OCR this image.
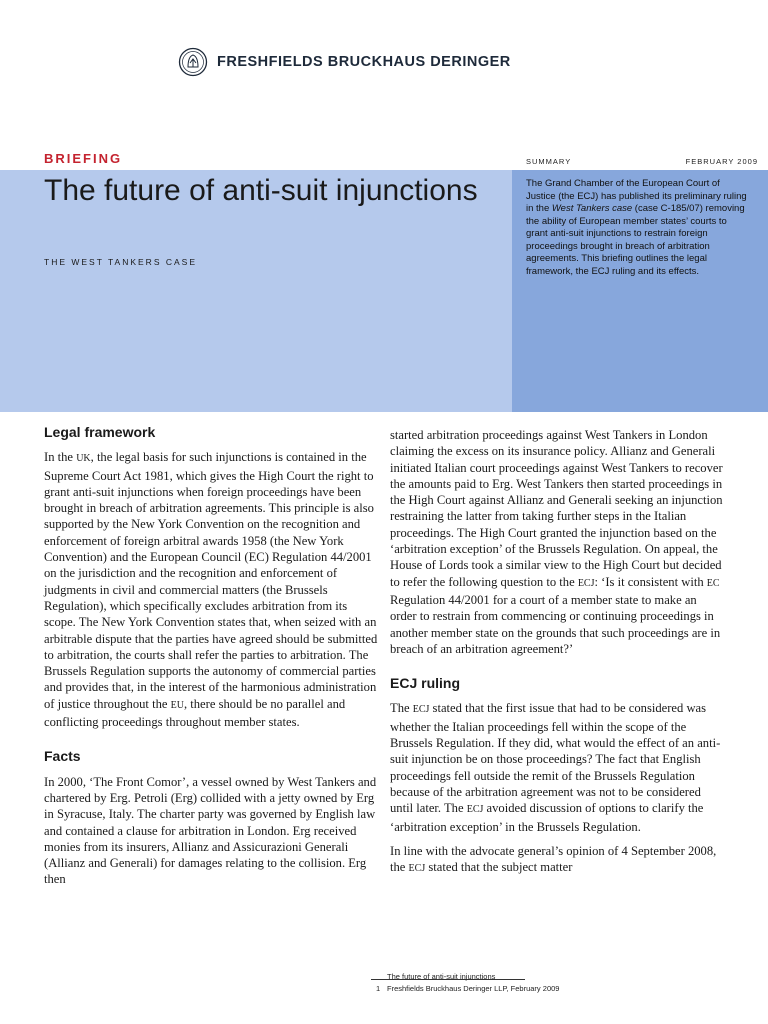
FRESHFIELDS BRUCKHAUS DERINGER
BRIEFING	SUMMARY	FEBRUARY 2009
The future of anti-suit injunctions
THE WEST TANKERS CASE

The Grand Chamber of the European Court of Justice (the ECJ) has published its preliminary ruling in the West Tankers case (case C-185/07) removing the ability of European member states’ courts to grant anti-suit injunctions to restrain foreign proceedings brought in breach of arbitration agreements. This briefing outlines the legal framework, the ECJ ruling and its effects.

Legal framework

In the UK, the legal basis for such injunctions is contained in the Supreme Court Act 1981, which gives the High Court the right to grant anti-suit injunctions when foreign proceedings have been brought in breach of arbitration agreements. This principle is also supported by the New York Convention on the recognition and enforcement of foreign arbitral awards 1958 (the New York Convention) and the European Council (EC) Regulation 44/2001 on the jurisdiction and the recognition and enforcement of judgments in civil and commercial matters (the Brussels Regulation), which specifically excludes arbitration from its scope. The New York Convention states that, when seized with an arbitrable dispute that the parties have agreed should be submitted to arbitration, the courts shall refer the parties to arbitration. The Brussels Regulation supports the autonomy of commercial parties and provides that, in the interest of the harmonious administration of justice throughout the EU, there should be no parallel and conflicting proceedings throughout member states.

Facts

In 2000, ‘The Front Comor’, a vessel owned by West Tankers and chartered by Erg. Petroli (Erg) collided with a jetty owned by Erg in Syracuse, Italy. The charter party was governed by English law and contained a clause for arbitration in London. Erg received monies from its insurers, Allianz and Assicurazioni Generali (Allianz and Generali) for damages relating to the collision. Erg then

started arbitration proceedings against West Tankers in London claiming the excess on its insurance policy. Allianz and Generali initiated Italian court proceedings against West Tankers to recover the amounts paid to Erg. West Tankers then started proceedings in the High Court against Allianz and Generali seeking an injunction restraining the latter from taking further steps in the Italian proceedings. The High Court granted the injunction based on the ‘arbitration exception’ of the Brussels Regulation. On appeal, the House of Lords took a similar view to the High Court but decided to refer the following question to the ECJ: ‘Is it consistent with EC Regulation 44/2001 for a court of a member state to make an order to restrain from commencing or continuing proceedings in another member state on the grounds that such proceedings are in breach of an arbitration agreement?’

ECJ ruling

The ECJ stated that the first issue that had to be considered was whether the Italian proceedings fell within the scope of the Brussels Regulation. If they did, what would the effect of an anti-suit injunction be on those proceedings? The fact that English proceedings fell outside the remit of the Brussels Regulation because of the arbitration agreement was not to be considered until later. The ECJ avoided discussion of options to clarify the ‘arbitration exception’ in the Brussels Regulation.

In line with the advocate general’s opinion of 4 September 2008, the ECJ stated that the subject matter

The future of anti-suit injunctions
1 Freshfields Bruckhaus Deringer LLP, February 2009
